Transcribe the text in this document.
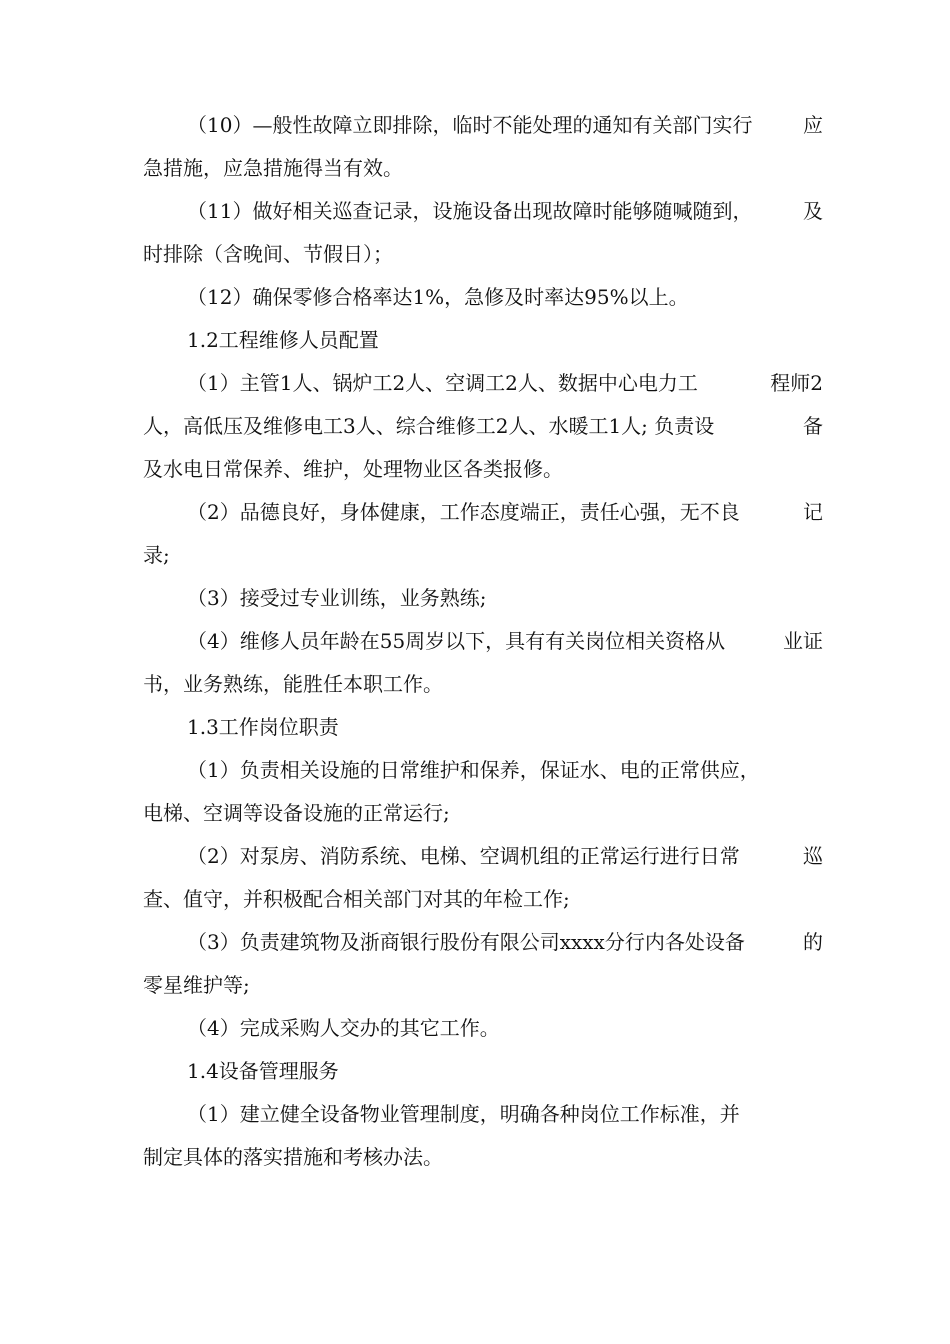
（10）—般性故障立即排除，临时不能处理的通知有关部门实行	应
急措施，应急措施得当有效。
（11）做好相关巡查记录，设施设备出现故障时能够随喊随到，	及
时排除（含晚间、节假日）；
（12）确保零修合格率达1%，急修及时率达95%以上。
1.2工程维修人员配置
（1）主管1人、锅炉工2人、空调工2人、数据中心电力工	程师2
人，高低压及维修电工3人、综合维修工2人、水暖工1人; 负责设	备
及水电日常保养、维护，处理物业区各类报修。
（2）品德良好，身体健康，工作态度端正，责任心强，无不良	记
录;
（3）接受过专业训练，业务熟练;
（4）维修人员年龄在55周岁以下，具有有关岗位相关资格从	业证
书，业务熟练，能胜任本职工作。
1.3工作岗位职责
（1）负责相关设施的日常维护和保养，保证水、电的正常供应，
电梯、空调等设备设施的正常运行;
（2）对泵房、消防系统、电梯、空调机组的正常运行进行日常	巡
查、值守，并积极配合相关部门对其的年检工作;
（3）负责建筑物及浙商银行股份有限公司xxxx分行内各处设备	的
零星维护等;
（4）完成采购人交办的其它工作。
1.4设备管理服务
（1）建立健全设备物业管理制度，明确各种岗位工作标准，并
制定具体的落实措施和考核办法。
